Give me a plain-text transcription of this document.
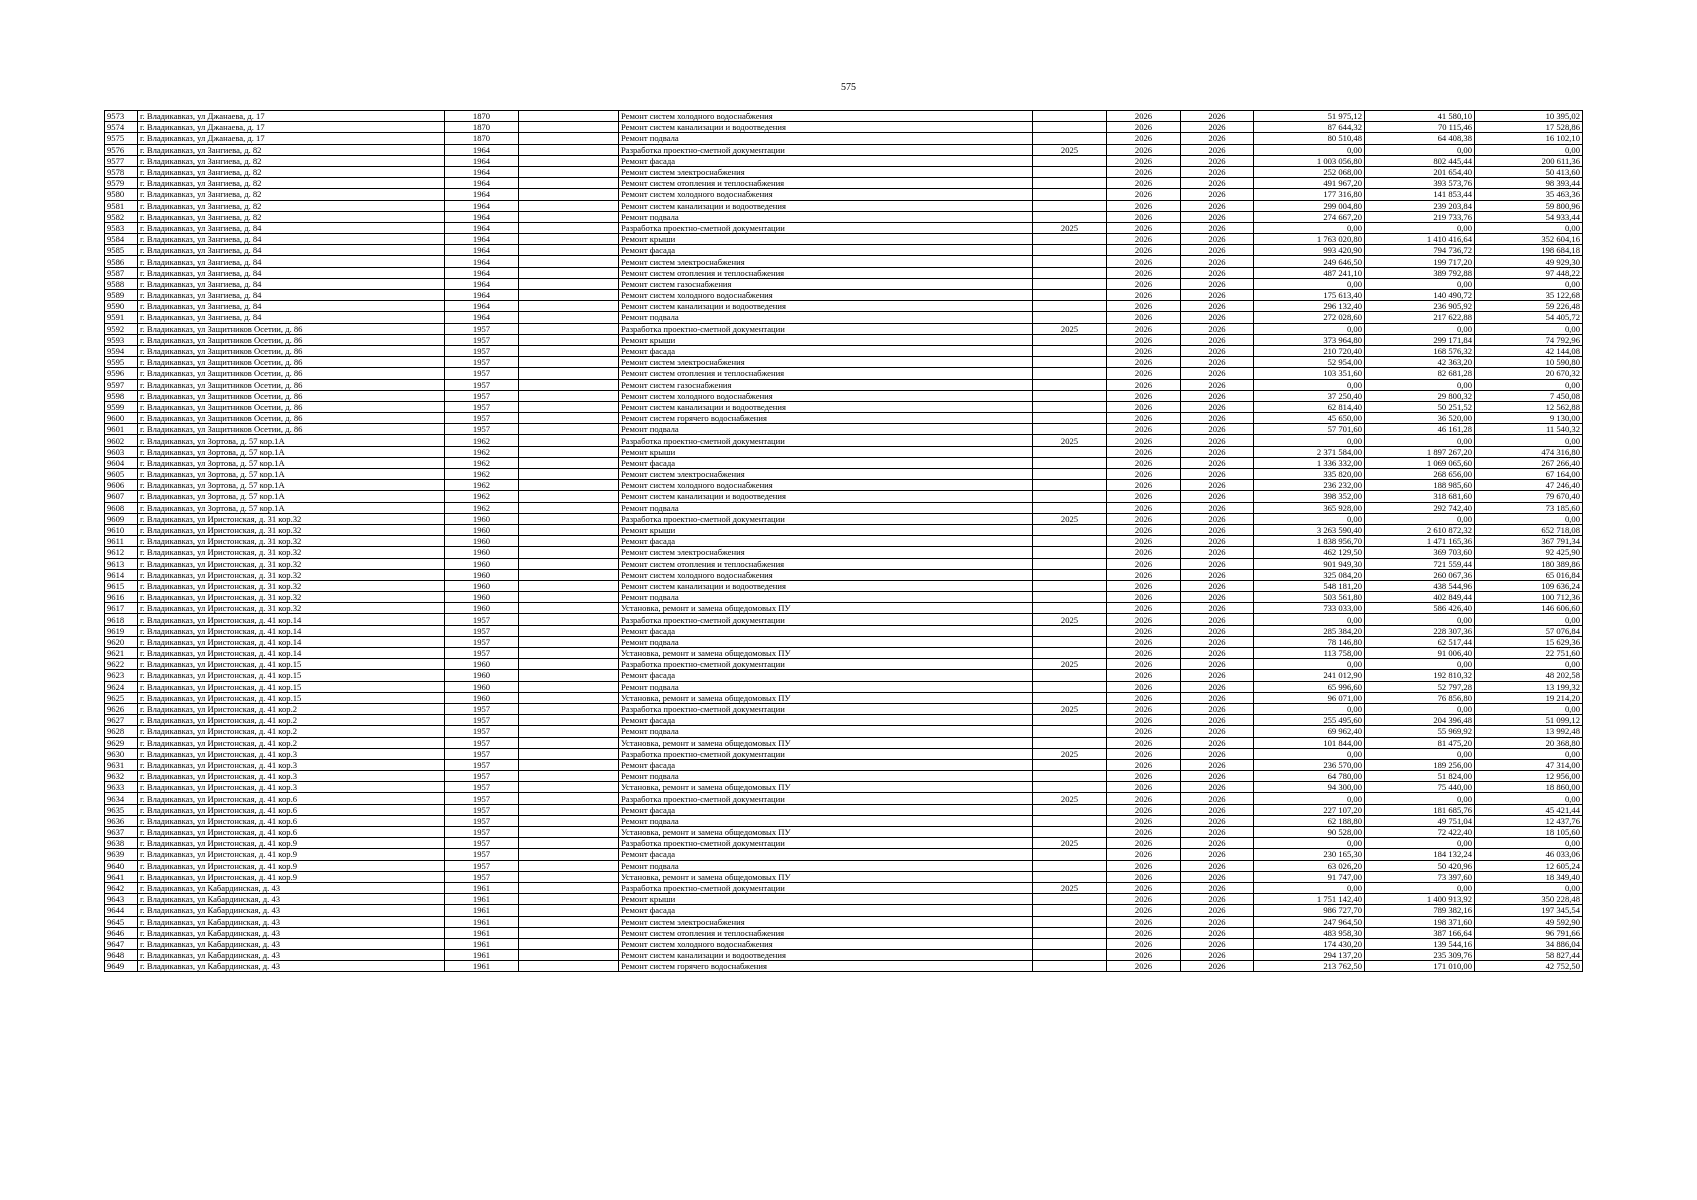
575
9573	г. Владикавказ, ул Джанаева, д. 17	1870		Ремонт систем холодного водоснабжения		2026	2026	51 975,12	41 580,10	10 395,02
9574	г. Владикавказ, ул Джанаева, д. 17	1870		Ремонт систем канализации и водоотведения		2026	2026	87 644,32	70 115,46	17 528,86
9575	г. Владикавказ, ул Джанаева, д. 17	1870		Ремонт подвала		2026	2026	80 510,48	64 408,38	16 102,10
9576	г. Владикавказ, ул Зангиева, д. 82	1964		Разработка проектно-сметной документации	2025	2026	2026	0,00	0,00	0,00
9577	г. Владикавказ, ул Зангиева, д. 82	1964		Ремонт фасада		2026	2026	1 003 056,80	802 445,44	200 611,36
9578	г. Владикавказ, ул Зангиева, д. 82	1964		Ремонт систем электроснабжения		2026	2026	252 068,00	201 654,40	50 413,60
9579	г. Владикавказ, ул Зангиева, д. 82	1964		Ремонт систем отопления и теплоснабжения		2026	2026	491 967,20	393 573,76	98 393,44
9580	г. Владикавказ, ул Зангиева, д. 82	1964		Ремонт систем холодного водоснабжения		2026	2026	177 316,80	141 853,44	35 463,36
9581	г. Владикавказ, ул Зангиева, д. 82	1964		Ремонт систем канализации и водоотведения		2026	2026	299 004,80	239 203,84	59 800,96
9582	г. Владикавказ, ул Зангиева, д. 82	1964		Ремонт подвала		2026	2026	274 667,20	219 733,76	54 933,44
9583	г. Владикавказ, ул Зангиева, д. 84	1964		Разработка проектно-сметной документации	2025	2026	2026	0,00	0,00	0,00
9584	г. Владикавказ, ул Зангиева, д. 84	1964		Ремонт крыши		2026	2026	1 763 020,80	1 410 416,64	352 604,16
9585	г. Владикавказ, ул Зангиева, д. 84	1964		Ремонт фасада		2026	2026	993 420,90	794 736,72	198 684,18
9586	г. Владикавказ, ул Зангиева, д. 84	1964		Ремонт систем электроснабжения		2026	2026	249 646,50	199 717,20	49 929,30
9587	г. Владикавказ, ул Зангиева, д. 84	1964		Ремонт систем отопления и теплоснабжения		2026	2026	487 241,10	389 792,88	97 448,22
9588	г. Владикавказ, ул Зангиева, д. 84	1964		Ремонт систем газоснабжения		2026	2026	0,00	0,00	0,00
9589	г. Владикавказ, ул Зангиева, д. 84	1964		Ремонт систем холодного водоснабжения		2026	2026	175 613,40	140 490,72	35 122,68
9590	г. Владикавказ, ул Зангиева, д. 84	1964		Ремонт систем канализации и водоотведения		2026	2026	296 132,40	236 905,92	59 226,48
9591	г. Владикавказ, ул Зангиева, д. 84	1964		Ремонт подвала		2026	2026	272 028,60	217 622,88	54 405,72
9592	г. Владикавказ, ул Защитников Осетии, д. 86	1957		Разработка проектно-сметной документации	2025	2026	2026	0,00	0,00	0,00
9593	г. Владикавказ, ул Защитников Осетии, д. 86	1957		Ремонт крыши		2026	2026	373 964,80	299 171,84	74 792,96
9594	г. Владикавказ, ул Защитников Осетии, д. 86	1957		Ремонт фасада		2026	2026	210 720,40	168 576,32	42 144,08
9595	г. Владикавказ, ул Защитников Осетии, д. 86	1957		Ремонт систем электроснабжения		2026	2026	52 954,00	42 363,20	10 590,80
9596	г. Владикавказ, ул Защитников Осетии, д. 86	1957		Ремонт систем отопления и теплоснабжения		2026	2026	103 351,60	82 681,28	20 670,32
9597	г. Владикавказ, ул Защитников Осетии, д. 86	1957		Ремонт систем газоснабжения		2026	2026	0,00	0,00	0,00
9598	г. Владикавказ, ул Защитников Осетии, д. 86	1957		Ремонт систем холодного водоснабжения		2026	2026	37 250,40	29 800,32	7 450,08
9599	г. Владикавказ, ул Защитников Осетии, д. 86	1957		Ремонт систем канализации и водоотведения		2026	2026	62 814,40	50 251,52	12 562,88
9600	г. Владикавказ, ул Защитников Осетии, д. 86	1957		Ремонт систем горячего водоснабжения		2026	2026	45 650,00	36 520,00	9 130,00
9601	г. Владикавказ, ул Защитников Осетии, д. 86	1957		Ремонт подвала		2026	2026	57 701,60	46 161,28	11 540,32
9602	г. Владикавказ, ул Зортова, д. 57 кор.1А	1962		Разработка проектно-сметной документации	2025	2026	2026	0,00	0,00	0,00
9603	г. Владикавказ, ул Зортова, д. 57 кор.1А	1962		Ремонт крыши		2026	2026	2 371 584,00	1 897 267,20	474 316,80
9604	г. Владикавказ, ул Зортова, д. 57 кор.1А	1962		Ремонт фасада		2026	2026	1 336 332,00	1 069 065,60	267 266,40
9605	г. Владикавказ, ул Зортова, д. 57 кор.1А	1962		Ремонт систем электроснабжения		2026	2026	335 820,00	268 656,00	67 164,00
9606	г. Владикавказ, ул Зортова, д. 57 кор.1А	1962		Ремонт систем холодного водоснабжения		2026	2026	236 232,00	188 985,60	47 246,40
9607	г. Владикавказ, ул Зортова, д. 57 кор.1А	1962		Ремонт систем канализации и водоотведения		2026	2026	398 352,00	318 681,60	79 670,40
9608	г. Владикавказ, ул Зортова, д. 57 кор.1А	1962		Ремонт подвала		2026	2026	365 928,00	292 742,40	73 185,60
9609	г. Владикавказ, ул Иристонская, д. 31 кор.32	1960		Разработка проектно-сметной документации	2025	2026	2026	0,00	0,00	0,00
9610	г. Владикавказ, ул Иристонская, д. 31 кор.32	1960		Ремонт крыши		2026	2026	3 263 590,40	2 610 872,32	652 718,08
9611	г. Владикавказ, ул Иристонская, д. 31 кор.32	1960		Ремонт фасада		2026	2026	1 838 956,70	1 471 165,36	367 791,34
9612	г. Владикавказ, ул Иристонская, д. 31 кор.32	1960		Ремонт систем электроснабжения		2026	2026	462 129,50	369 703,60	92 425,90
9613	г. Владикавказ, ул Иристонская, д. 31 кор.32	1960		Ремонт систем отопления и теплоснабжения		2026	2026	901 949,30	721 559,44	180 389,86
9614	г. Владикавказ, ул Иристонская, д. 31 кор.32	1960		Ремонт систем холодного водоснабжения		2026	2026	325 084,20	260 067,36	65 016,84
9615	г. Владикавказ, ул Иристонская, д. 31 кор.32	1960		Ремонт систем канализации и водоотведения		2026	2026	548 181,20	438 544,96	109 636,24
9616	г. Владикавказ, ул Иристонская, д. 31 кор.32	1960		Ремонт подвала		2026	2026	503 561,80	402 849,44	100 712,36
9617	г. Владикавказ, ул Иристонская, д. 31 кор.32	1960		Установка, ремонт и замена общедомовых ПУ		2026	2026	733 033,00	586 426,40	146 606,60
9618	г. Владикавказ, ул Иристонская, д. 41 кор.14	1957		Разработка проектно-сметной документации	2025	2026	2026	0,00	0,00	0,00
9619	г. Владикавказ, ул Иристонская, д. 41 кор.14	1957		Ремонт фасада		2026	2026	285 384,20	228 307,36	57 076,84
9620	г. Владикавказ, ул Иристонская, д. 41 кор.14	1957		Ремонт подвала		2026	2026	78 146,80	62 517,44	15 629,36
9621	г. Владикавказ, ул Иристонская, д. 41 кор.14	1957		Установка, ремонт и замена общедомовых ПУ		2026	2026	113 758,00	91 006,40	22 751,60
9622	г. Владикавказ, ул Иристонская, д. 41 кор.15	1960		Разработка проектно-сметной документации	2025	2026	2026	0,00	0,00	0,00
9623	г. Владикавказ, ул Иристонская, д. 41 кор.15	1960		Ремонт фасада		2026	2026	241 012,90	192 810,32	48 202,58
9624	г. Владикавказ, ул Иристонская, д. 41 кор.15	1960		Ремонт подвала		2026	2026	65 996,60	52 797,28	13 199,32
9625	г. Владикавказ, ул Иристонская, д. 41 кор.15	1960		Установка, ремонт и замена общедомовых ПУ		2026	2026	96 071,00	76 856,80	19 214,20
9626	г. Владикавказ, ул Иристонская, д. 41 кор.2	1957		Разработка проектно-сметной документации	2025	2026	2026	0,00	0,00	0,00
9627	г. Владикавказ, ул Иристонская, д. 41 кор.2	1957		Ремонт фасада		2026	2026	255 495,60	204 396,48	51 099,12
9628	г. Владикавказ, ул Иристонская, д. 41 кор.2	1957		Ремонт подвала		2026	2026	69 962,40	55 969,92	13 992,48
9629	г. Владикавказ, ул Иристонская, д. 41 кор.2	1957		Установка, ремонт и замена общедомовых ПУ		2026	2026	101 844,00	81 475,20	20 368,80
9630	г. Владикавказ, ул Иристонская, д. 41 кор.3	1957		Разработка проектно-сметной документации	2025	2026	2026	0,00	0,00	0,00
9631	г. Владикавказ, ул Иристонская, д. 41 кор.3	1957		Ремонт фасада		2026	2026	236 570,00	189 256,00	47 314,00
9632	г. Владикавказ, ул Иристонская, д. 41 кор.3	1957		Ремонт подвала		2026	2026	64 780,00	51 824,00	12 956,00
9633	г. Владикавказ, ул Иристонская, д. 41 кор.3	1957		Установка, ремонт и замена общедомовых ПУ		2026	2026	94 300,00	75 440,00	18 860,00
9634	г. Владикавказ, ул Иристонская, д. 41 кор.6	1957		Разработка проектно-сметной документации	2025	2026	2026	0,00	0,00	0,00
9635	г. Владикавказ, ул Иристонская, д. 41 кор.6	1957		Ремонт фасада		2026	2026	227 107,20	181 685,76	45 421,44
9636	г. Владикавказ, ул Иристонская, д. 41 кор.6	1957		Ремонт подвала		2026	2026	62 188,80	49 751,04	12 437,76
9637	г. Владикавказ, ул Иристонская, д. 41 кор.6	1957		Установка, ремонт и замена общедомовых ПУ		2026	2026	90 528,00	72 422,40	18 105,60
9638	г. Владикавказ, ул Иристонская, д. 41 кор.9	1957		Разработка проектно-сметной документации	2025	2026	2026	0,00	0,00	0,00
9639	г. Владикавказ, ул Иристонская, д. 41 кор.9	1957		Ремонт фасада		2026	2026	230 165,30	184 132,24	46 033,06
9640	г. Владикавказ, ул Иристонская, д. 41 кор.9	1957		Ремонт подвала		2026	2026	63 026,20	50 420,96	12 605,24
9641	г. Владикавказ, ул Иристонская, д. 41 кор.9	1957		Установка, ремонт и замена общедомовых ПУ		2026	2026	91 747,00	73 397,60	18 349,40
9642	г. Владикавказ, ул Кабардинская, д. 43	1961		Разработка проектно-сметной документации	2025	2026	2026	0,00	0,00	0,00
9643	г. Владикавказ, ул Кабардинская, д. 43	1961		Ремонт крыши		2026	2026	1 751 142,40	1 400 913,92	350 228,48
9644	г. Владикавказ, ул Кабардинская, д. 43	1961		Ремонт фасада		2026	2026	986 727,70	789 382,16	197 345,54
9645	г. Владикавказ, ул Кабардинская, д. 43	1961		Ремонт систем электроснабжения		2026	2026	247 964,50	198 371,60	49 592,90
9646	г. Владикавказ, ул Кабардинская, д. 43	1961		Ремонт систем отопления и теплоснабжения		2026	2026	483 958,30	387 166,64	96 791,66
9647	г. Владикавказ, ул Кабардинская, д. 43	1961		Ремонт систем холодного водоснабжения		2026	2026	174 430,20	139 544,16	34 886,04
9648	г. Владикавказ, ул Кабардинская, д. 43	1961		Ремонт систем канализации и водоотведения		2026	2026	294 137,20	235 309,76	58 827,44
9649	г. Владикавказ, ул Кабардинская, д. 43	1961		Ремонт систем горячего водоснабжения		2026	2026	213 762,50	171 010,00	42 752,50
